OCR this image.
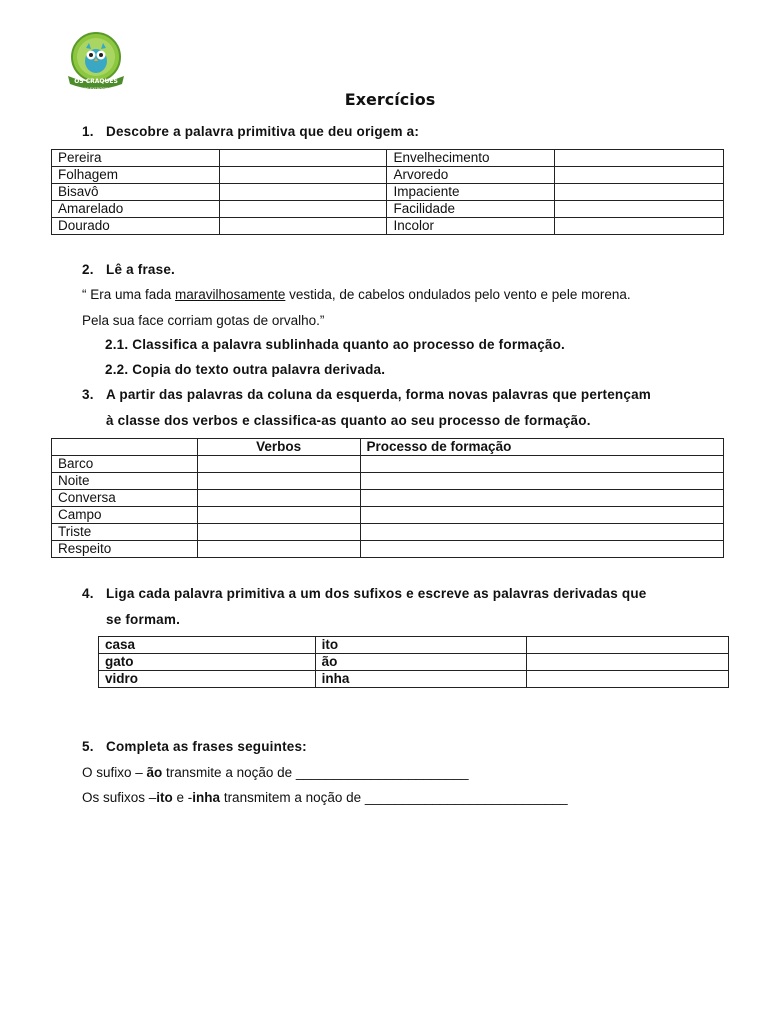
OS CRAQUES
DOS EXERCÍCIOS
Exercícios
1. Descobre a palavra primitiva que deu origem a:
Pereira		Envelhecimento	
Folhagem		Arvoredo	
Bisavô		Impaciente	
Amarelado		Facilidade	
Dourado		Incolor	
2. Lê a frase.
“ Era uma fada maravilhosamente vestida, de cabelos ondulados pelo vento e pele morena.
Pela sua face corriam gotas de orvalho.”
2.1. Classifica a palavra sublinhada quanto ao processo de formação.
2.2. Copia do texto outra palavra derivada.
3. A partir das palavras da coluna da esquerda, forma novas palavras que pertençam
à classe dos verbos e classifica-as quanto ao seu processo de formação.
	Verbos	Processo de formação
Barco		
Noite		
Conversa		
Campo		
Triste		
Respeito		
4. Liga cada palavra primitiva a um dos sufixos e escreve as palavras derivadas que
se formam.
casa	ito	
gato	ão	
vidro	inha	
5. Completa as frases seguintes:
O sufixo – ão transmite a noção de _______________________
Os sufixos –ito e -inha transmitem a noção de ___________________________
